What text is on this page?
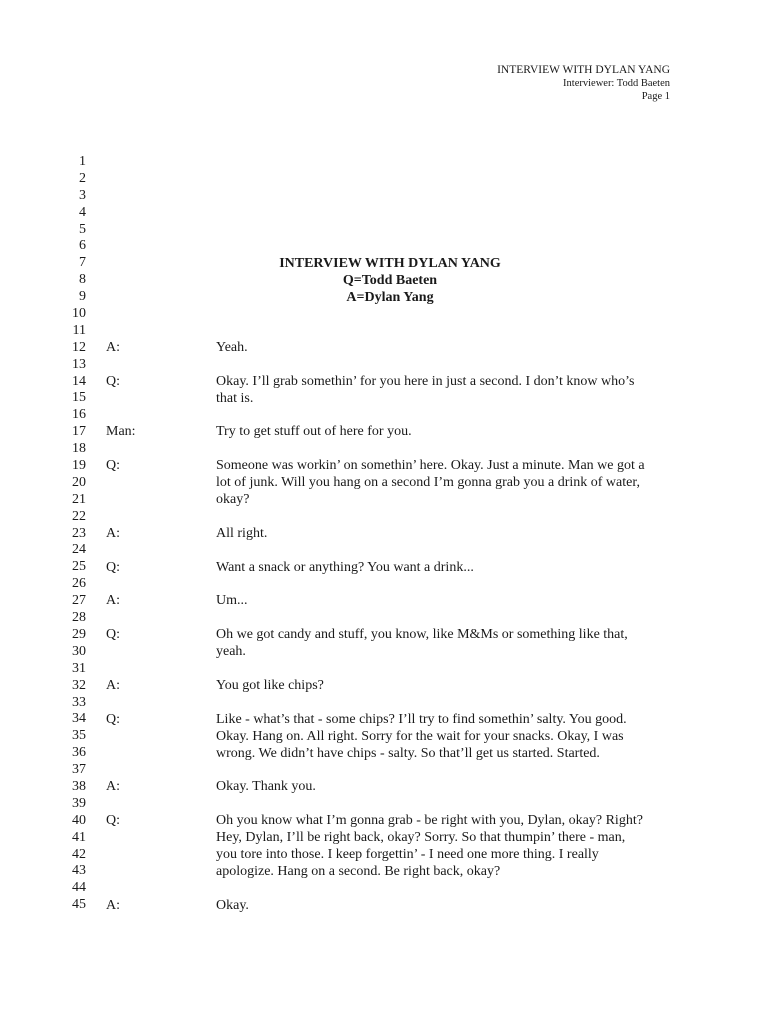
INTERVIEW WITH DYLAN YANG
Interviewer: Todd Baeten
Page 1
1
2
3
4
5
6
7
8
9
10
11
12
13
14
15
16
17
18
19
20
21
22
23
24
25
26
27
28
29
30
31
32
33
34
35
36
37
38
39
40
41
42
43
44
45
INTERVIEW WITH DYLAN YANG
Q=Todd Baeten
A=Dylan Yang
A:	Yeah.
Q:	Okay. I’ll grab somethin’ for you here in just a second. I don’t know who’s that is.
Man:	Try to get stuff out of here for you.
Q:	Someone was workin’ on somethin’ here. Okay. Just a minute. Man we got a lot of junk. Will you hang on a second I’m gonna grab you a drink of water, okay?
A:	All right.
Q:	Want a snack or anything? You want a drink...
A:	Um...
Q:	Oh we got candy and stuff, you know, like M&Ms or something like that, yeah.
A:	You got like chips?
Q:	Like - what’s that - some chips? I’ll try to find somethin’ salty. You good. Okay. Hang on. All right. Sorry for the wait for your snacks. Okay, I was wrong. We didn’t have chips - salty. So that’ll get us started. Started.
A:	Okay. Thank you.
Q:	Oh you know what I’m gonna grab - be right with you, Dylan, okay? Right? Hey, Dylan, I’ll be right back, okay? Sorry. So that thumpin’ there - man, you tore into those. I keep forgettin’ - I need one more thing. I really apologize. Hang on a second. Be right back, okay?
A:	Okay.
